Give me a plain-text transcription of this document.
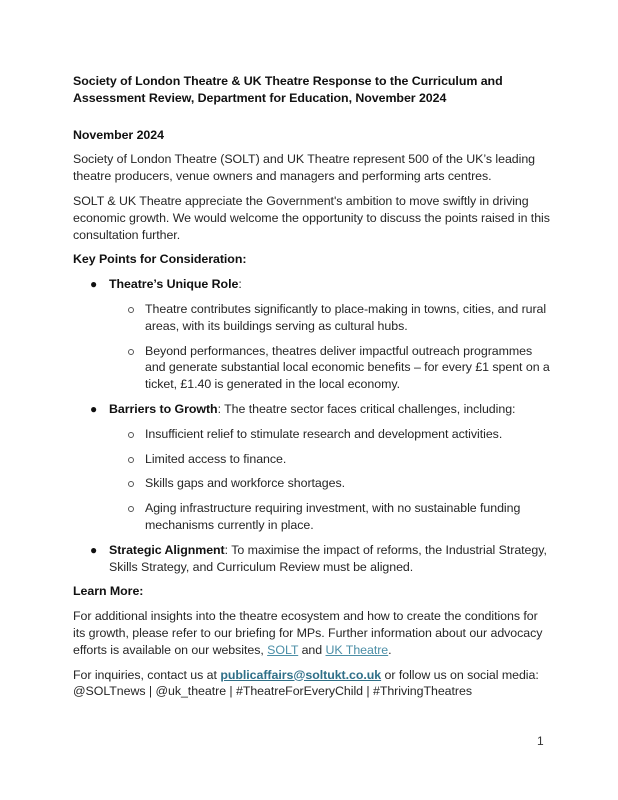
Society of London Theatre & UK Theatre Response to the Curriculum and Assessment Review, Department for Education, November 2024
November 2024

Society of London Theatre (SOLT) and UK Theatre represent 500 of the UK’s leading theatre producers, venue owners and managers and performing arts centres.

SOLT & UK Theatre appreciate the Government's ambition to move swiftly in driving economic growth. We would welcome the opportunity to discuss the points raised in this consultation further.

Key Points for Consideration:
● Theatre’s Unique Role:
Theatre contributes significantly to place-making in towns, cities, and rural areas, with its buildings serving as cultural hubs.
Beyond performances, theatres deliver impactful outreach programmes and generate substantial local economic benefits – for every £1 spent on a ticket, £1.40 is generated in the local economy.
● Barriers to Growth: The theatre sector faces critical challenges, including:
Insufficient relief to stimulate research and development activities.
Limited access to finance.
Skills gaps and workforce shortages.
Aging infrastructure requiring investment, with no sustainable funding mechanisms currently in place.
● Strategic Alignment: To maximise the impact of reforms, the Industrial Strategy, Skills Strategy, and Curriculum Review must be aligned.
Learn More:

For additional insights into the theatre ecosystem and how to create the conditions for its growth, please refer to our briefing for MPs. Further information about our advocacy efforts is available on our websites, SOLT and UK Theatre.

For inquiries, contact us at publicaffairs@soltukt.co.uk or follow us on social media: @SOLTnews | @uk_theatre | #TheatreForEveryChild | #ThrivingTheatres

1
